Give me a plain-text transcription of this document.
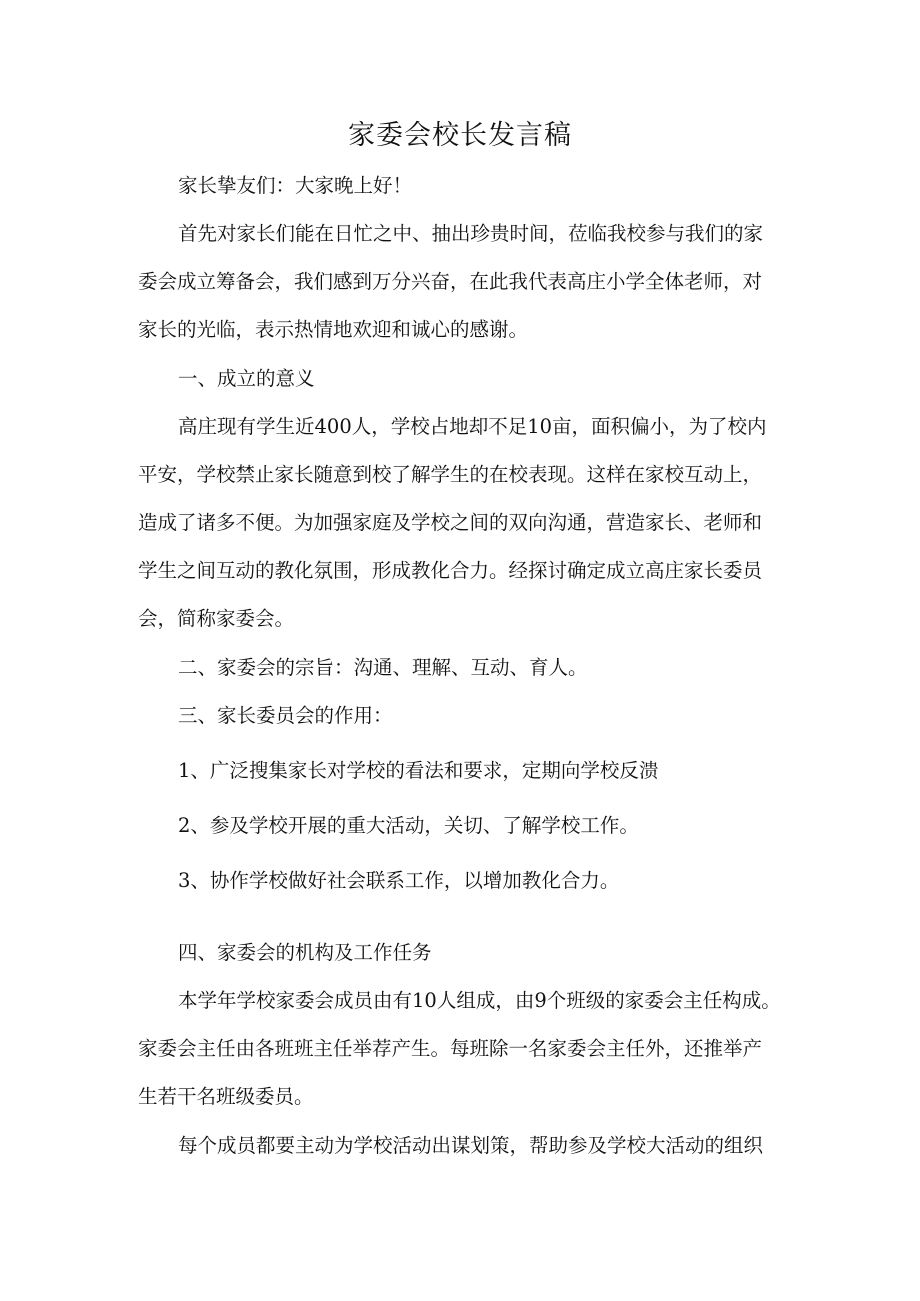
家委会校长发言稿
家长挚友们：大家晚上好！
首先对家长们能在日忙之中、抽出珍贵时间，莅临我校参与我们的家
委会成立筹备会，我们感到万分兴奋，在此我代表高庄小学全体老师，对
家长的光临，表示热情地欢迎和诚心的感谢。
一、成立的意义
高庄现有学生近400人，学校占地却不足10亩，面积偏小，为了校内
平安，学校禁止家长随意到校了解学生的在校表现。这样在家校互动上，
造成了诸多不便。为加强家庭及学校之间的双向沟通，营造家长、老师和
学生之间互动的教化氛围，形成教化合力。经探讨确定成立高庄家长委员
会，简称家委会。
二、家委会的宗旨：沟通、理解、互动、育人。
三、家长委员会的作用：
1、广泛搜集家长对学校的看法和要求，定期向学校反溃
2、参及学校开展的重大活动，关切、了解学校工作。
3、协作学校做好社会联系工作，以增加教化合力。
四、家委会的机构及工作任务
本学年学校家委会成员由有10人组成，由9个班级的家委会主任构成。
家委会主任由各班班主任举荐产生。每班除一名家委会主任外，还推举产
生若干名班级委员。
每个成员都要主动为学校活动出谋划策，帮助参及学校大活动的组织
